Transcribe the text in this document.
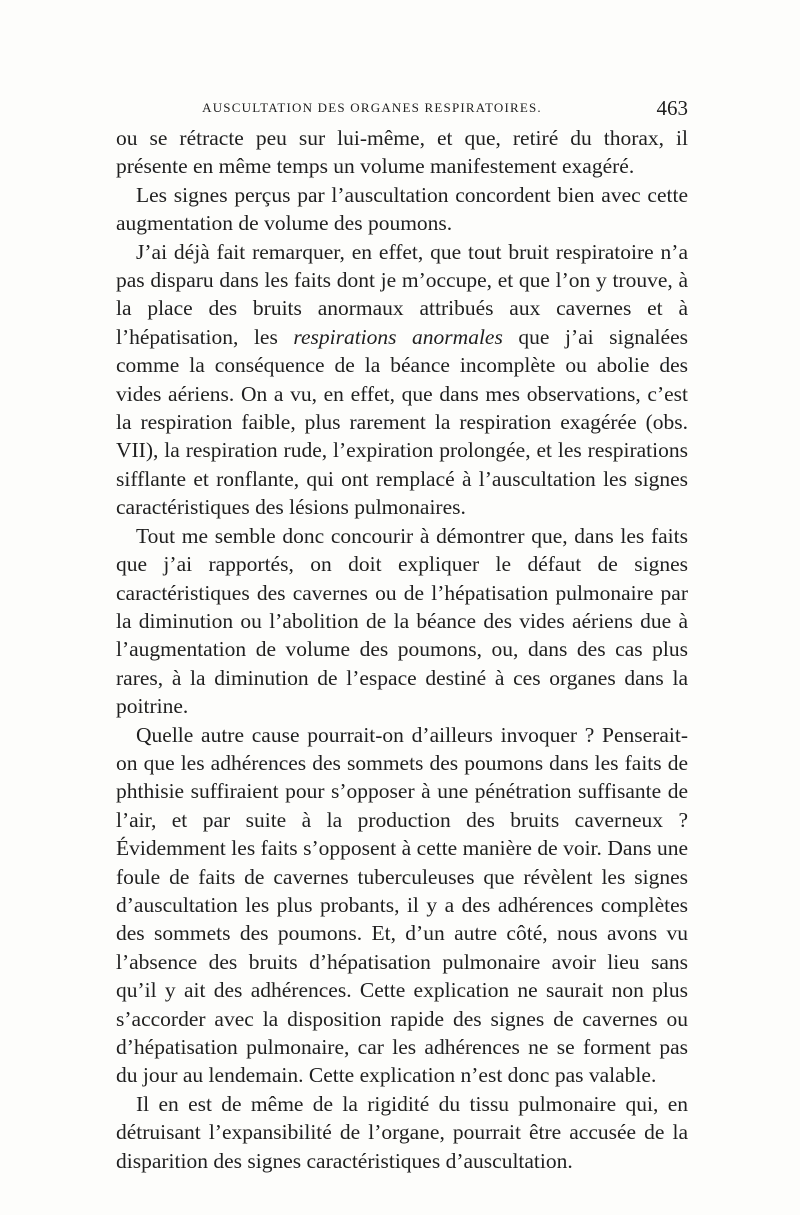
AUSCULTATION DES ORGANES RESPIRATOIRES.	463

ou se rétracte peu sur lui-même, et que, retiré du thorax, il présente en même temps un volume manifestement exagéré.

Les signes perçus par l’auscultation concordent bien avec cette augmentation de volume des poumons.

J’ai déjà fait remarquer, en effet, que tout bruit respiratoire n’a pas disparu dans les faits dont je m’occupe, et que l’on y trouve, à la place des bruits anormaux attribués aux cavernes et à l’hépatisation, les respirations anormales que j’ai signalées comme la conséquence de la béance incomplète ou abolie des vides aériens. On a vu, en effet, que dans mes observations, c’est la respiration faible, plus rarement la respiration exagérée (obs. VII), la respiration rude, l’expiration prolongée, et les respirations sifflante et ronflante, qui ont remplacé à l’auscultation les signes caractéristiques des lésions pulmonaires.

Tout me semble donc concourir à démontrer que, dans les faits que j’ai rapportés, on doit expliquer le défaut de signes caractéristiques des cavernes ou de l’hépatisation pulmonaire par la diminution ou l’abolition de la béance des vides aériens due à l’augmentation de volume des poumons, ou, dans des cas plus rares, à la diminution de l’espace destiné à ces organes dans la poitrine.

Quelle autre cause pourrait-on d’ailleurs invoquer ? Penserait-on que les adhérences des sommets des poumons dans les faits de phthisie suffiraient pour s’opposer à une pénétration suffisante de l’air, et par suite à la production des bruits caverneux ? Évidemment les faits s’opposent à cette manière de voir. Dans une foule de faits de cavernes tuberculeuses que révèlent les signes d’auscultation les plus probants, il y a des adhérences complètes des sommets des poumons. Et, d’un autre côté, nous avons vu l’absence des bruits d’hépatisation pulmonaire avoir lieu sans qu’il y ait des adhérences. Cette explication ne saurait non plus s’accorder avec la disposition rapide des signes de cavernes ou d’hépatisation pulmonaire, car les adhérences ne se forment pas du jour au lendemain. Cette explication n’est donc pas valable.

Il en est de même de la rigidité du tissu pulmonaire qui, en détruisant l’expansibilité de l’organe, pourrait être accusée de la disparition des signes caractéristiques d’auscultation.
